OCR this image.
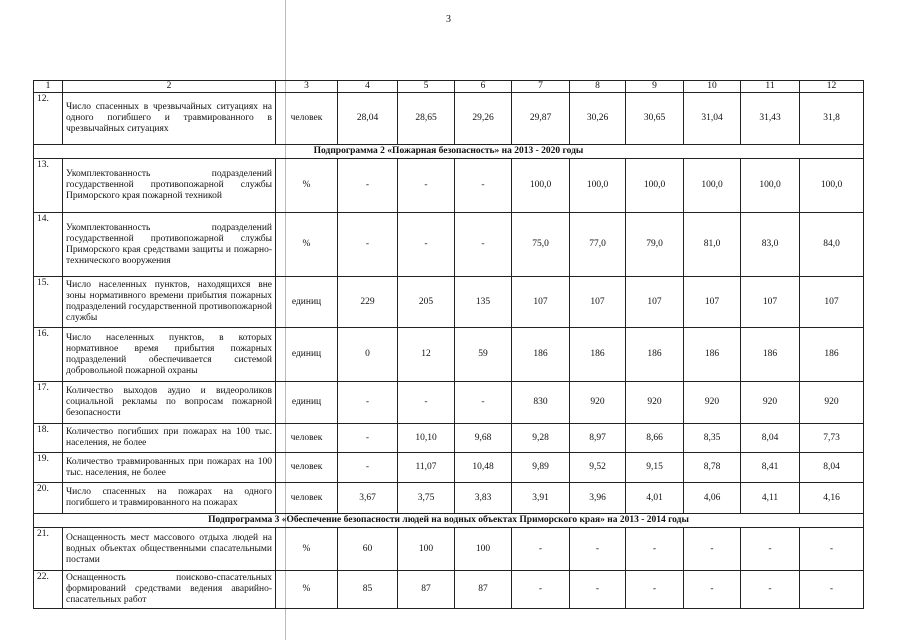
3
1	2	3	4	5	6	7	8	9	10	11	12
12.	Число спасенных в чрезвычайных ситуациях на одного погибшего и травмированного в чрезвычайных ситуациях	человек	28,04	28,65	29,26	29,87	30,26	30,65	31,04	31,43	31,8
Подпрограмма 2 «Пожарная безопасность» на 2013 - 2020 годы											
13.	Укомплектованность подразделений государственной противопожарной службы Приморского края пожарной техникой	%	-	-	-	100,0	100,0	100,0	100,0	100,0	100,0
14.	Укомплектованность подразделений государственной противопожарной службы Приморского края средствами защиты и пожарно-технического вооружения	%	-	-	-	75,0	77,0	79,0	81,0	83,0	84,0
15.	Число населенных пунктов, находящихся вне зоны нормативного времени прибытия пожарных подразделений государственной противопожарной службы	единиц	229	205	135	107	107	107	107	107	107
16.	Число населенных пунктов, в которых нормативное время прибытия пожарных подразделений обеспечивается системой добровольной пожарной охраны	единиц	0	12	59	186	186	186	186	186	186
17.	Количество выходов аудио и видеороликов социальной рекламы по вопросам пожарной безопасности	единиц	-	-	-	830	920	920	920	920	920
18.	Количество погибших при пожарах на 100 тыс. населения, не более	человек	-	10,10	9,68	9,28	8,97	8,66	8,35	8,04	7,73
19.	Количество травмированных при пожарах на 100 тыс. населения, не более	человек	-	11,07	10,48	9,89	9,52	9,15	8,78	8,41	8,04
20.	Число спасенных на пожарах на одного погибшего и травмированного на пожарах	человек	3,67	3,75	3,83	3,91	3,96	4,01	4,06	4,11	4,16
Подпрограмма 3 «Обеспечение безопасности людей на водных объектах Приморского края» на 2013 - 2014 годы											
21.	Оснащенность мест массового отдыха людей на водных объектах общественными спасательными постами	%	60	100	100	-	-	-	-	-	-
22.	Оснащенность поисково-спасательных формирований средствами ведения аварийно-спасательных работ	%	85	87	87	-	-	-	-	-	-
